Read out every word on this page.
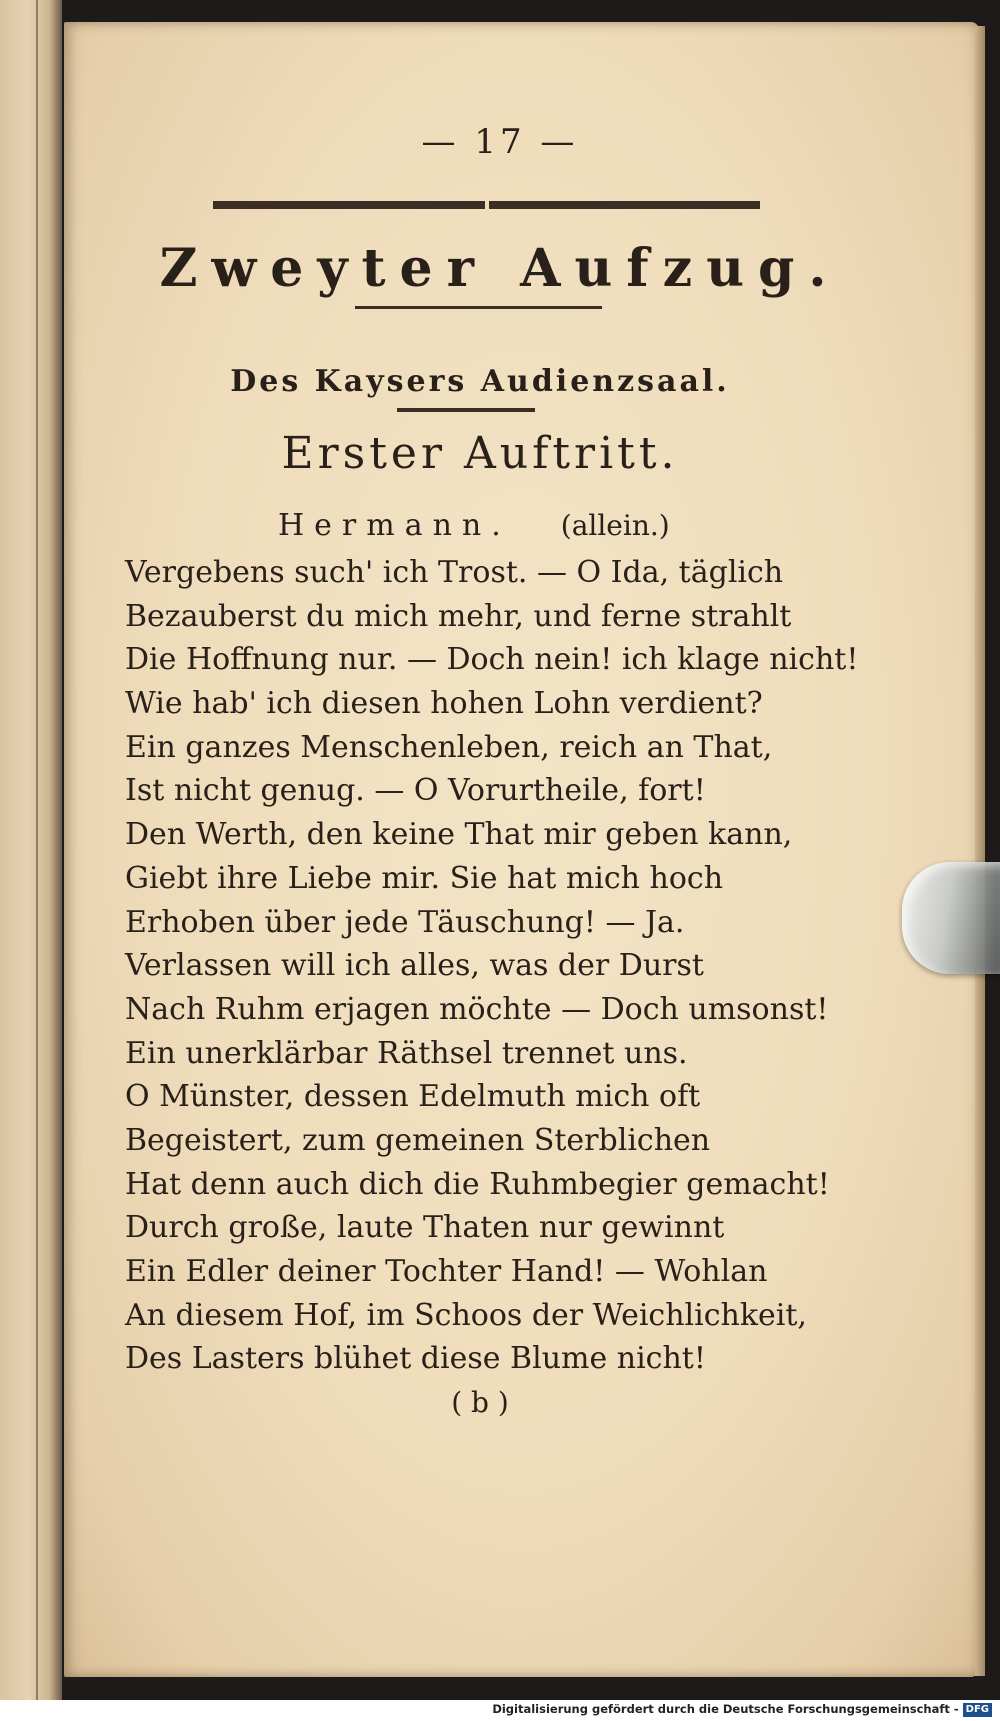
— 17 —
Zweyter Aufzug.
Des Kaysers Audienzsaal.
Erster Auftritt.
Hermann. (allein.)
Vergebens such' ich Trost. — O Ida, täglich
Bezauberst du mich mehr, und ferne strahlt
Die Hoffnung nur. — Doch nein! ich klage nicht!
Wie hab' ich diesen hohen Lohn verdient?
Ein ganzes Menschenleben, reich an That,
Ist nicht genug. — O Vorurtheile, fort!
Den Werth, den keine That mir geben kann,
Giebt ihre Liebe mir. Sie hat mich hoch
Erhoben über jede Täuschung! — Ja.
Verlassen will ich alles, was der Durst
Nach Ruhm erjagen möchte — Doch umsonst!
Ein unerklärbar Räthsel trennet uns.
O Münster, dessen Edelmuth mich oft
Begeistert, zum gemeinen Sterblichen
Hat denn auch dich die Ruhmbegier gemacht!
Durch große, laute Thaten nur gewinnt
Ein Edler deiner Tochter Hand! — Wohlan
An diesem Hof, im Schoos der Weichlichkeit,
Des Lasters blühet diese Blume nicht!
( b )
Digitalisierung gefördert durch die Deutsche Forschungsgemeinschaft - DFG
